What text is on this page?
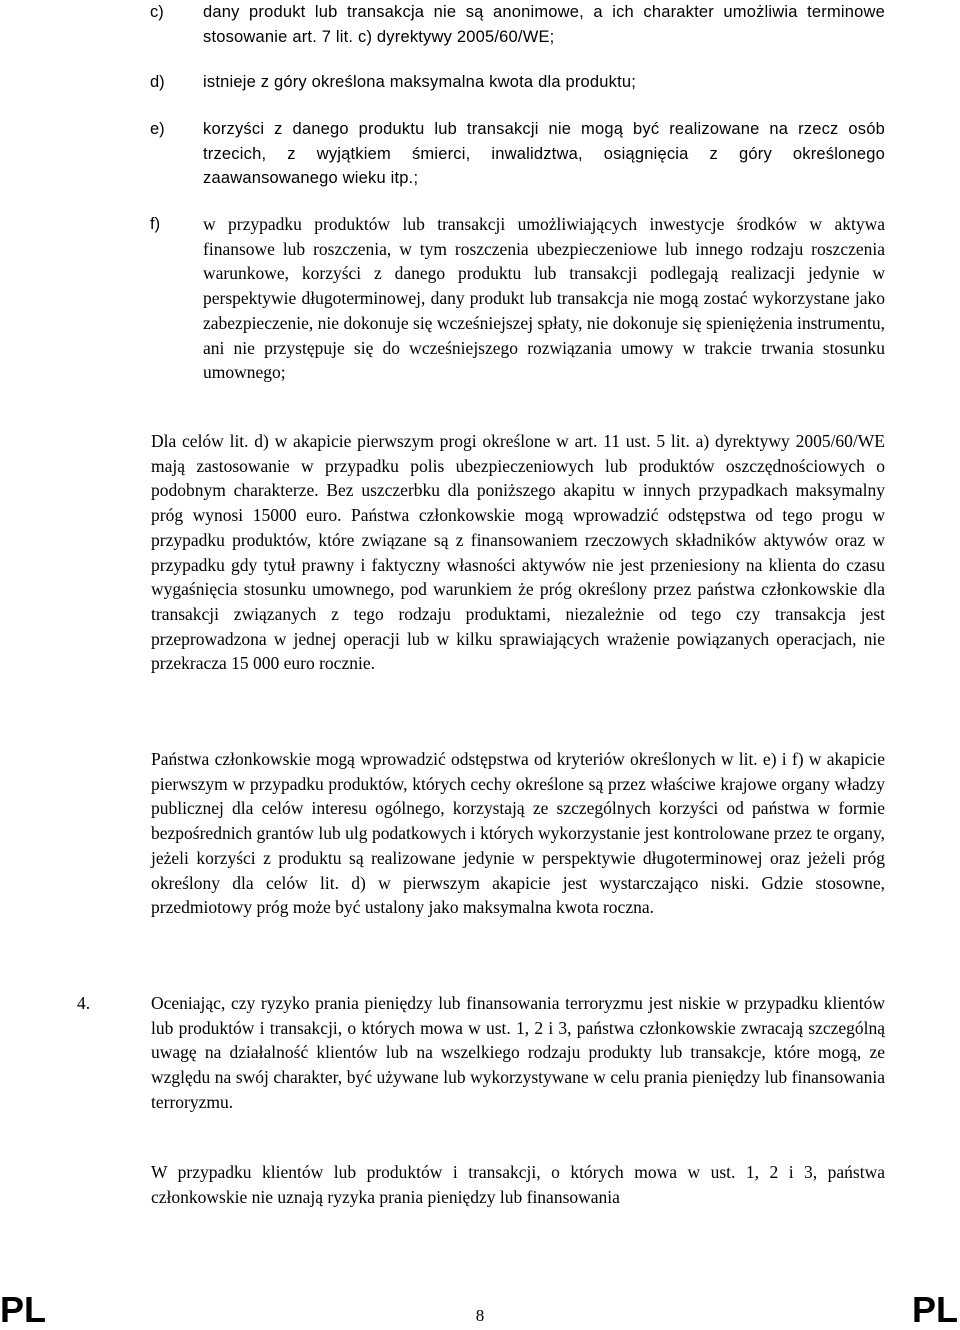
c) dany produkt lub transakcja nie są anonimowe, a ich charakter umożliwia terminowe stosowanie art. 7 lit. c) dyrektywy 2005/60/WE;
d) istnieje z góry określona maksymalna kwota dla produktu;
e) korzyści z danego produktu lub transakcji nie mogą być realizowane na rzecz osób trzecich, z wyjątkiem śmierci, inwalidztwa, osiągnięcia z góry określonego zaawansowanego wieku itp.;
f) w przypadku produktów lub transakcji umożliwiających inwestycje środków w aktywa finansowe lub roszczenia, w tym roszczenia ubezpieczeniowe lub innego rodzaju roszczenia warunkowe, korzyści z danego produktu lub transakcji podlegają realizacji jedynie w perspektywie długoterminowej, dany produkt lub transakcja nie mogą zostać wykorzystane jako zabezpieczenie, nie dokonuje się wcześniejszej spłaty, nie dokonuje się spieniężenia instrumentu, ani nie przystępuje się do wcześniejszego rozwiązania umowy w trakcie trwania stosunku umownego;
Dla celów lit. d) w akapicie pierwszym progi określone w art. 11 ust. 5 lit. a) dyrektywy 2005/60/WE mają zastosowanie w przypadku polis ubezpieczeniowych lub produktów oszczędnościowych o podobnym charakterze. Bez uszczerbku dla poniższego akapitu w innych przypadkach maksymalny próg wynosi 15000 euro. Państwa członkowskie mogą wprowadzić odstępstwa od tego progu w przypadku produktów, które związane są z finansowaniem rzeczowych składników aktywów oraz w przypadku gdy tytuł prawny i faktyczny własności aktywów nie jest przeniesiony na klienta do czasu wygaśnięcia stosunku umownego, pod warunkiem że próg określony przez państwa członkowskie dla transakcji związanych z tego rodzaju produktami, niezależnie od tego czy transakcja jest przeprowadzona w jednej operacji lub w kilku sprawiających wrażenie powiązanych operacjach, nie przekracza 15 000 euro rocznie.
Państwa członkowskie mogą wprowadzić odstępstwa od kryteriów określonych w lit. e) i f) w akapicie pierwszym w przypadku produktów, których cechy określone są przez właściwe krajowe organy władzy publicznej dla celów interesu ogólnego, korzystają ze szczególnych korzyści od państwa w formie bezpośrednich grantów lub ulg podatkowych i których wykorzystanie jest kontrolowane przez te organy, jeżeli korzyści z produktu są realizowane jedynie w perspektywie długoterminowej oraz jeżeli próg określony dla celów lit. d) w pierwszym akapicie jest wystarczająco niski. Gdzie stosowne, przedmiotowy próg może być ustalony jako maksymalna kwota roczna.
4.	Oceniając, czy ryzyko prania pieniędzy lub finansowania terroryzmu jest niskie w przypadku klientów lub produktów i transakcji, o których mowa w ust. 1, 2 i 3, państwa członkowskie zwracają szczególną uwagę na działalność klientów lub na wszelkiego rodzaju produkty lub transakcje, które mogą, ze względu na swój charakter, być używane lub wykorzystywane w celu prania pieniędzy lub finansowania terroryzmu.
W przypadku klientów lub produktów i transakcji, o których mowa w ust. 1, 2 i 3, państwa członkowskie nie uznają ryzyka prania pieniędzy lub finansowania
PL	8	PL
